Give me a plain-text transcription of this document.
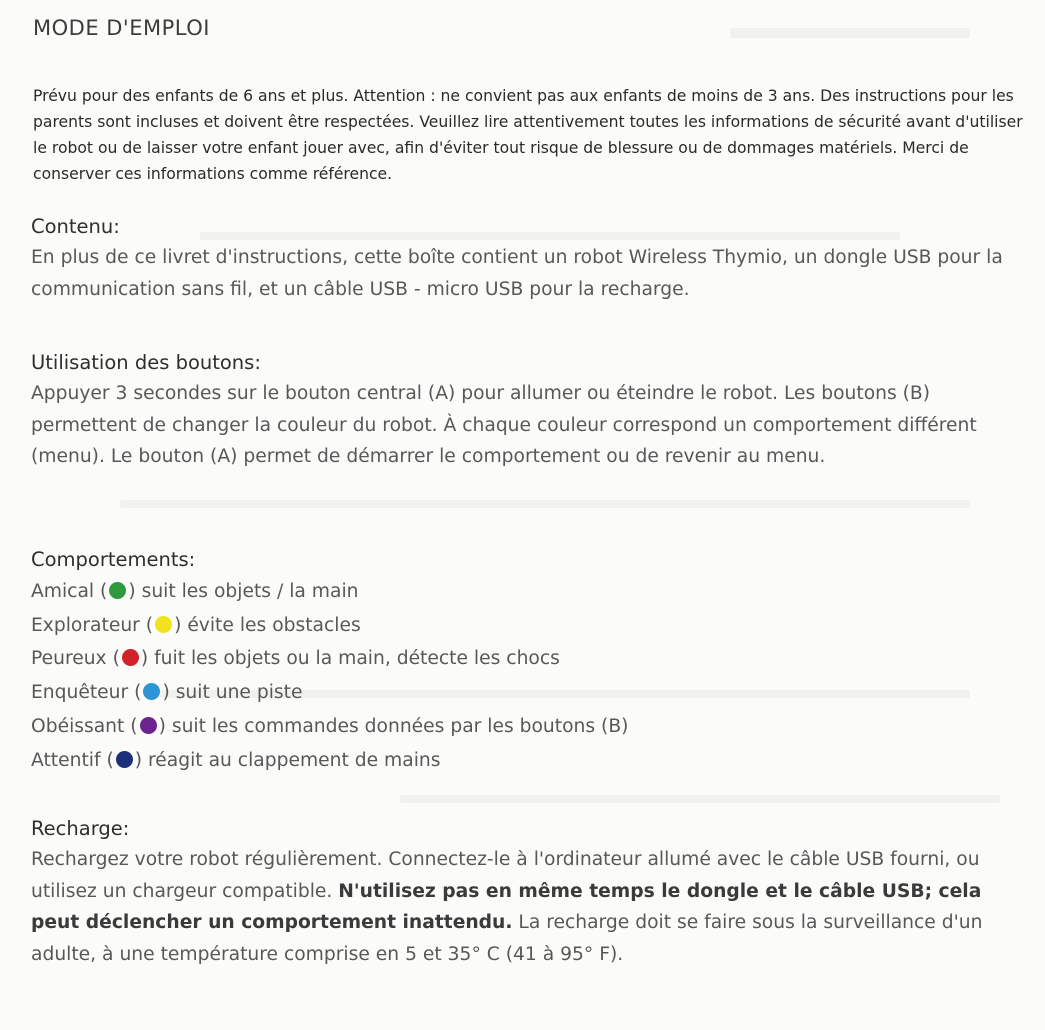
MODE D'EMPLOI

Prévu pour des enfants de 6 ans et plus. Attention : ne convient pas aux enfants de moins de 3 ans. Des instructions pour les parents sont incluses et doivent être respectées. Veuillez lire attentivement toutes les informations de sécurité avant d'utiliser le robot ou de laisser votre enfant jouer avec, afin d'éviter tout risque de blessure ou de dommages matériels. Merci de conserver ces informations comme référence.

Contenu:

En plus de ce livret d'instructions, cette boîte contient un robot Wireless Thymio, un dongle USB pour la communication sans fil, et un câble USB - micro USB pour la recharge.

Utilisation des boutons:

Appuyer 3 secondes sur le bouton central (A) pour allumer ou éteindre le robot. Les boutons (B) permettent de changer la couleur du robot. À chaque couleur correspond un comportement différent (menu). Le bouton (A) permet de démarrer le comportement ou de revenir au menu.

Comportements:
Amical ( ) suit les objets / la main
Explorateur ( ) évite les obstacles
Peureux ( ) fuit les objets ou la main, détecte les chocs
Enquêteur ( ) suit une piste
Obéissant ( ) suit les commandes données par les boutons (B)
Attentif ( ) réagit au clappement de mains
Recharge:

Rechargez votre robot régulièrement. Connectez-le à l'ordinateur allumé avec le câble USB fourni, ou utilisez un chargeur compatible. N'utilisez pas en même temps le dongle et le câble USB; cela peut déclencher un comportement inattendu. La recharge doit se faire sous la surveillance d'un adulte, à une température comprise en 5 et 35° C (41 à 95° F).
